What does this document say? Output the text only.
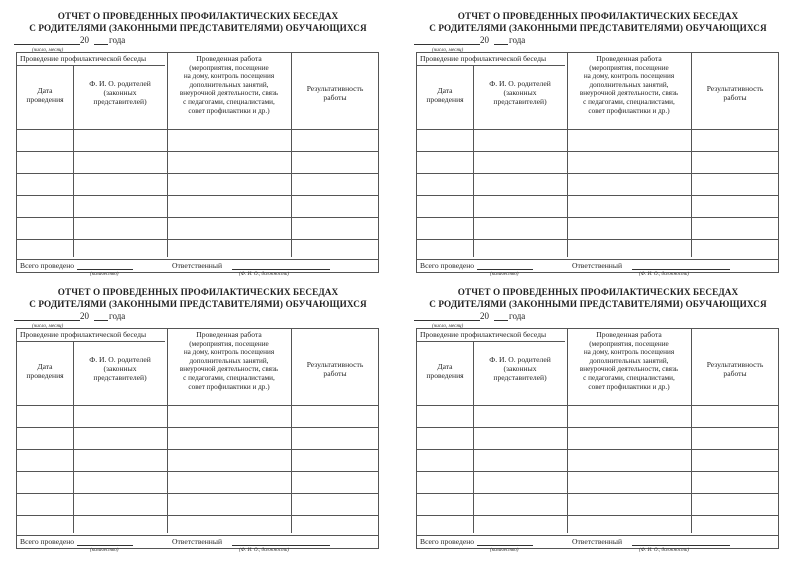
ОТЧЕТ О ПРОВЕДЕННЫХ ПРОФИЛАКТИЧЕСКИХ БЕСЕДАХ
С РОДИТЕЛЯМИ (ЗАКОННЫМИ ПРЕДСТАВИТЕЛЯМИ) ОБУЧАЮЩИХСЯ
20 года
(число, месяц)
Проведение профилактической беседы
Дата
проведения
Ф. И. О. родителей
(законных
представителей)
Проведенная работа
(мероприятия, посещение
на дому, контроль посещения
дополнительных занятий,
внеурочной деятельности, связь
с педагогами, специалистами,
совет профилактики и др.)
Результативность
работы
Всего проведено
(количество)
Ответственный
(Ф. И. О., должность)
ОТЧЕТ О ПРОВЕДЕННЫХ ПРОФИЛАКТИЧЕСКИХ БЕСЕДАХ
С РОДИТЕЛЯМИ (ЗАКОННЫМИ ПРЕДСТАВИТЕЛЯМИ) ОБУЧАЮЩИХСЯ
20 года
(число, месяц)
Проведение профилактической беседы
Дата
проведения
Ф. И. О. родителей
(законных
представителей)
Проведенная работа
(мероприятия, посещение
на дому, контроль посещения
дополнительных занятий,
внеурочной деятельности, связь
с педагогами, специалистами,
совет профилактики и др.)
Результативность
работы
Всего проведено
(количество)
Ответственный
(Ф. И. О., должность)
ОТЧЕТ О ПРОВЕДЕННЫХ ПРОФИЛАКТИЧЕСКИХ БЕСЕДАХ
С РОДИТЕЛЯМИ (ЗАКОННЫМИ ПРЕДСТАВИТЕЛЯМИ) ОБУЧАЮЩИХСЯ
20 года
(число, месяц)
Проведение профилактической беседы
Дата
проведения
Ф. И. О. родителей
(законных
представителей)
Проведенная работа
(мероприятия, посещение
на дому, контроль посещения
дополнительных занятий,
внеурочной деятельности, связь
с педагогами, специалистами,
совет профилактики и др.)
Результативность
работы
Всего проведено
(количество)
Ответственный
(Ф. И. О., должность)
ОТЧЕТ О ПРОВЕДЕННЫХ ПРОФИЛАКТИЧЕСКИХ БЕСЕДАХ
С РОДИТЕЛЯМИ (ЗАКОННЫМИ ПРЕДСТАВИТЕЛЯМИ) ОБУЧАЮЩИХСЯ
20 года
(число, месяц)
Проведение профилактической беседы
Дата
проведения
Ф. И. О. родителей
(законных
представителей)
Проведенная работа
(мероприятия, посещение
на дому, контроль посещения
дополнительных занятий,
внеурочной деятельности, связь
с педагогами, специалистами,
совет профилактики и др.)
Результативность
работы
Всего проведено
(количество)
Ответственный
(Ф. И. О., должность)
